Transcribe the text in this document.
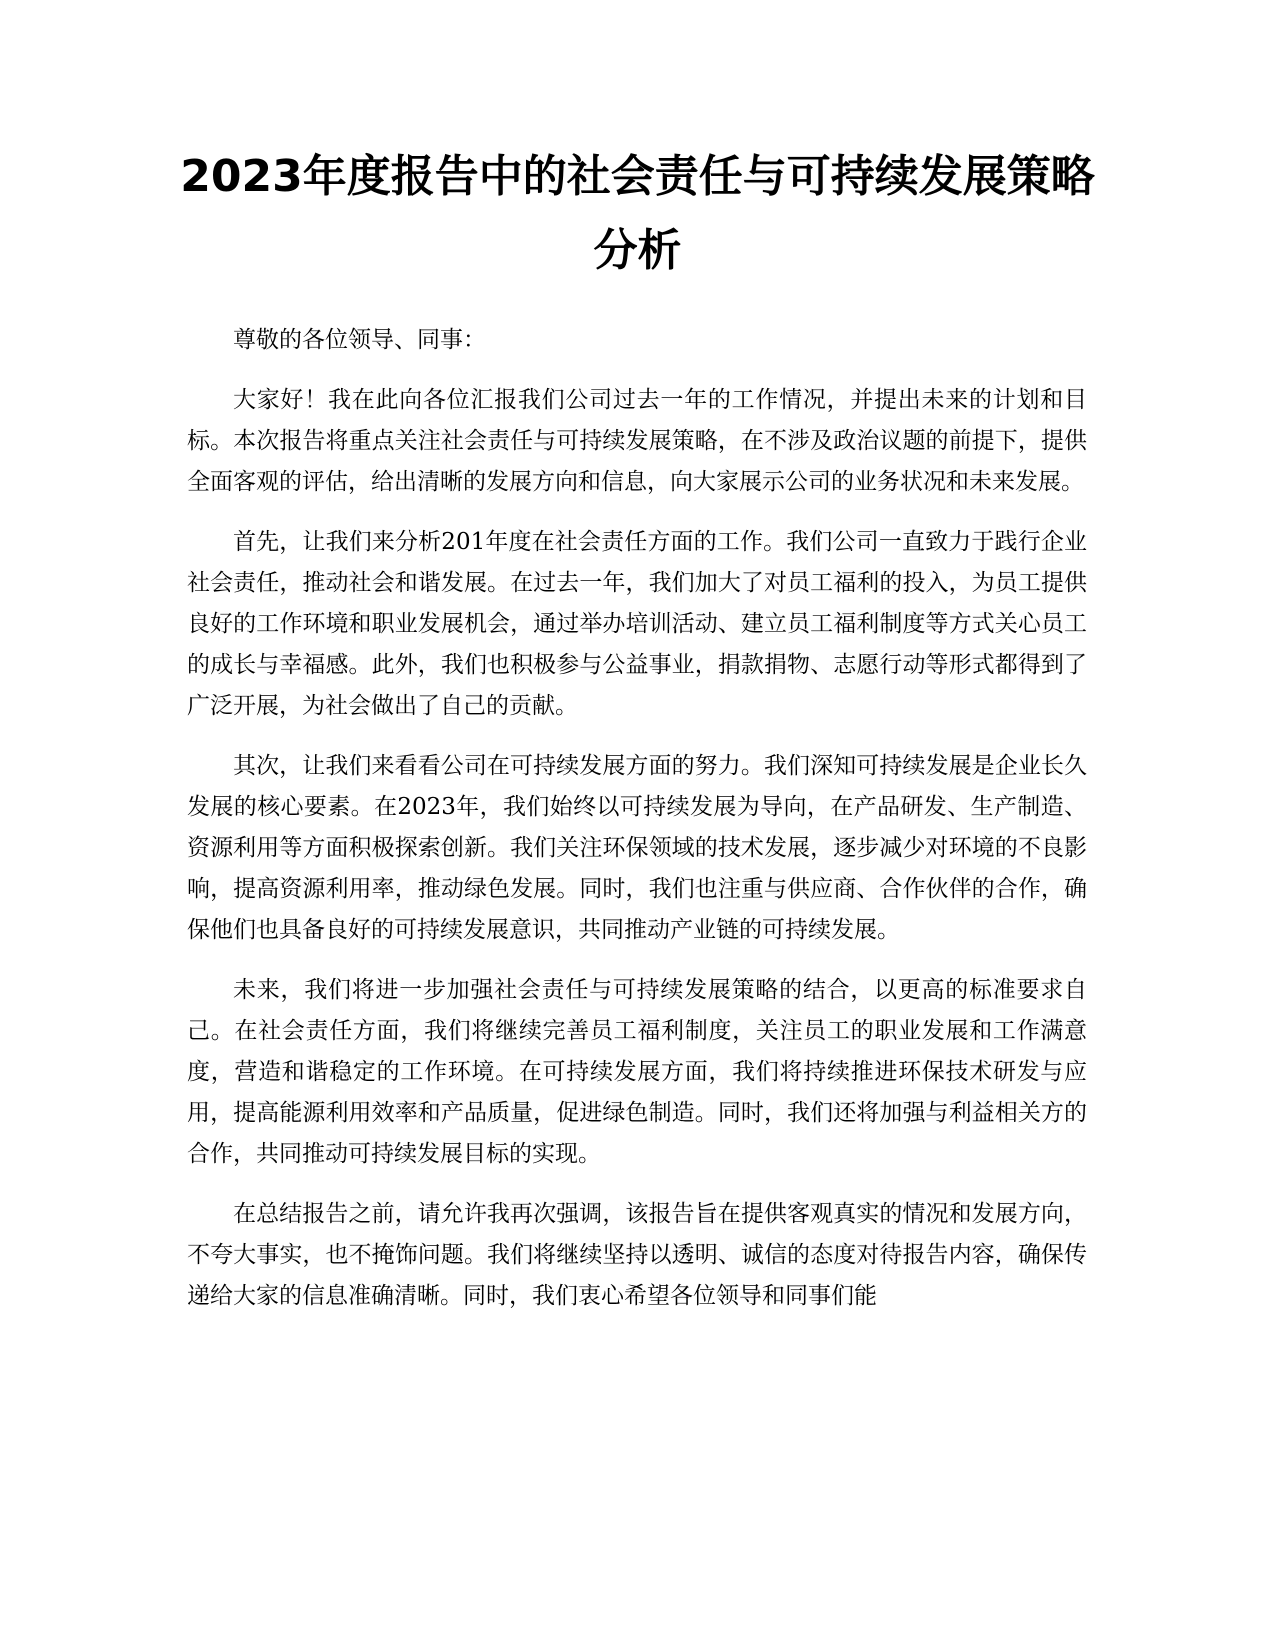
2023年度报告中的社会责任与可持续发展策略分析

尊敬的各位领导、同事：

大家好！我在此向各位汇报我们公司过去一年的工作情况，并提出未来的计划和目标。本次报告将重点关注社会责任与可持续发展策略，在不涉及政治议题的前提下，提供全面客观的评估，给出清晰的发展方向和信息，向大家展示公司的业务状况和未来发展。

首先，让我们来分析201年度在社会责任方面的工作。我们公司一直致力于践行企业社会责任，推动社会和谐发展。在过去一年，我们加大了对员工福利的投入，为员工提供良好的工作环境和职业发展机会，通过举办培训活动、建立员工福利制度等方式关心员工的成长与幸福感。此外，我们也积极参与公益事业，捐款捐物、志愿行动等形式都得到了广泛开展，为社会做出了自己的贡献。

其次，让我们来看看公司在可持续发展方面的努力。我们深知可持续发展是企业长久发展的核心要素。在2023年，我们始终以可持续发展为导向，在产品研发、生产制造、资源利用等方面积极探索创新。我们关注环保领域的技术发展，逐步减少对环境的不良影响，提高资源利用率，推动绿色发展。同时，我们也注重与供应商、合作伙伴的合作，确保他们也具备良好的可持续发展意识，共同推动产业链的可持续发展。

未来，我们将进一步加强社会责任与可持续发展策略的结合，以更高的标准要求自己。在社会责任方面，我们将继续完善员工福利制度，关注员工的职业发展和工作满意度，营造和谐稳定的工作环境。在可持续发展方面，我们将持续推进环保技术研发与应用，提高能源利用效率和产品质量，促进绿色制造。同时，我们还将加强与利益相关方的合作，共同推动可持续发展目标的实现。

在总结报告之前，请允许我再次强调，该报告旨在提供客观真实的情况和发展方向，不夸大事实，也不掩饰问题。我们将继续坚持以透明、诚信的态度对待报告内容，确保传递给大家的信息准确清晰。同时，我们衷心希望各位领导和同事们能
